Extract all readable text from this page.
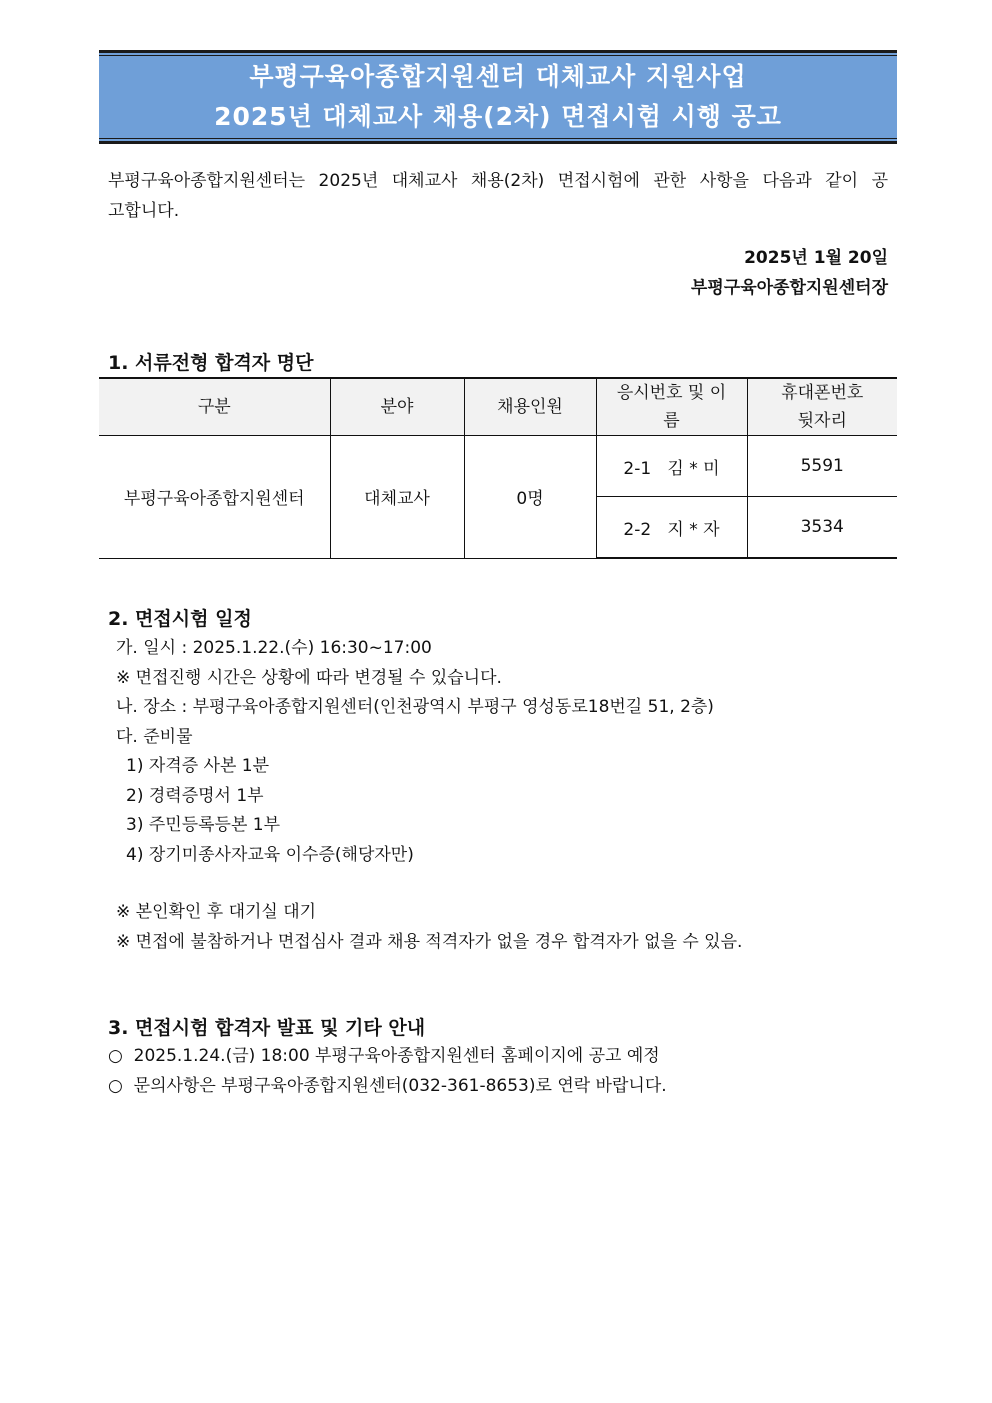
부평구육아종합지원센터 대체교사 지원사업
2025년 대체교사 채용(2차) 면접시험 시행 공고
부평구육아종합지원센터는 2025년 대체교사 채용(2차) 면접시험에 관한 사항을 다음과 같이 공고합니다.
2025년 1월 20일
부평구육아종합지원센터장
1. 서류전형 합격자 명단
구분	분야	채용인원	응시번호 및 이름	휴대폰번호 뒷자리
부평구육아종합지원센터	대체교사	0명	2-1   김 * 미	5591
			2-2   지 * 자	3534
2. 면접시험 일정
가. 일시 : 2025.1.22.(수) 16:30~17:00
※ 면접진행 시간은 상황에 따라 변경될 수 있습니다.
나. 장소 : 부평구육아종합지원센터(인천광역시 부평구 영성동로18번길 51, 2층)
다. 준비물
1) 자격증 사본 1분
2) 경력증명서 1부
3) 주민등록등본 1부
4) 장기미종사자교육 이수증(해당자만)
※ 본인확인 후 대기실 대기
※ 면접에 불참하거나 면접심사 결과 채용 적격자가 없을 경우 합격자가 없을 수 있음.
3. 면접시험 합격자 발표 및 기타 안내
○  2025.1.24.(금) 18:00 부평구육아종합지원센터 홈페이지에 공고 예정
○  문의사항은 부평구육아종합지원센터(032-361-8653)로 연락 바랍니다.
